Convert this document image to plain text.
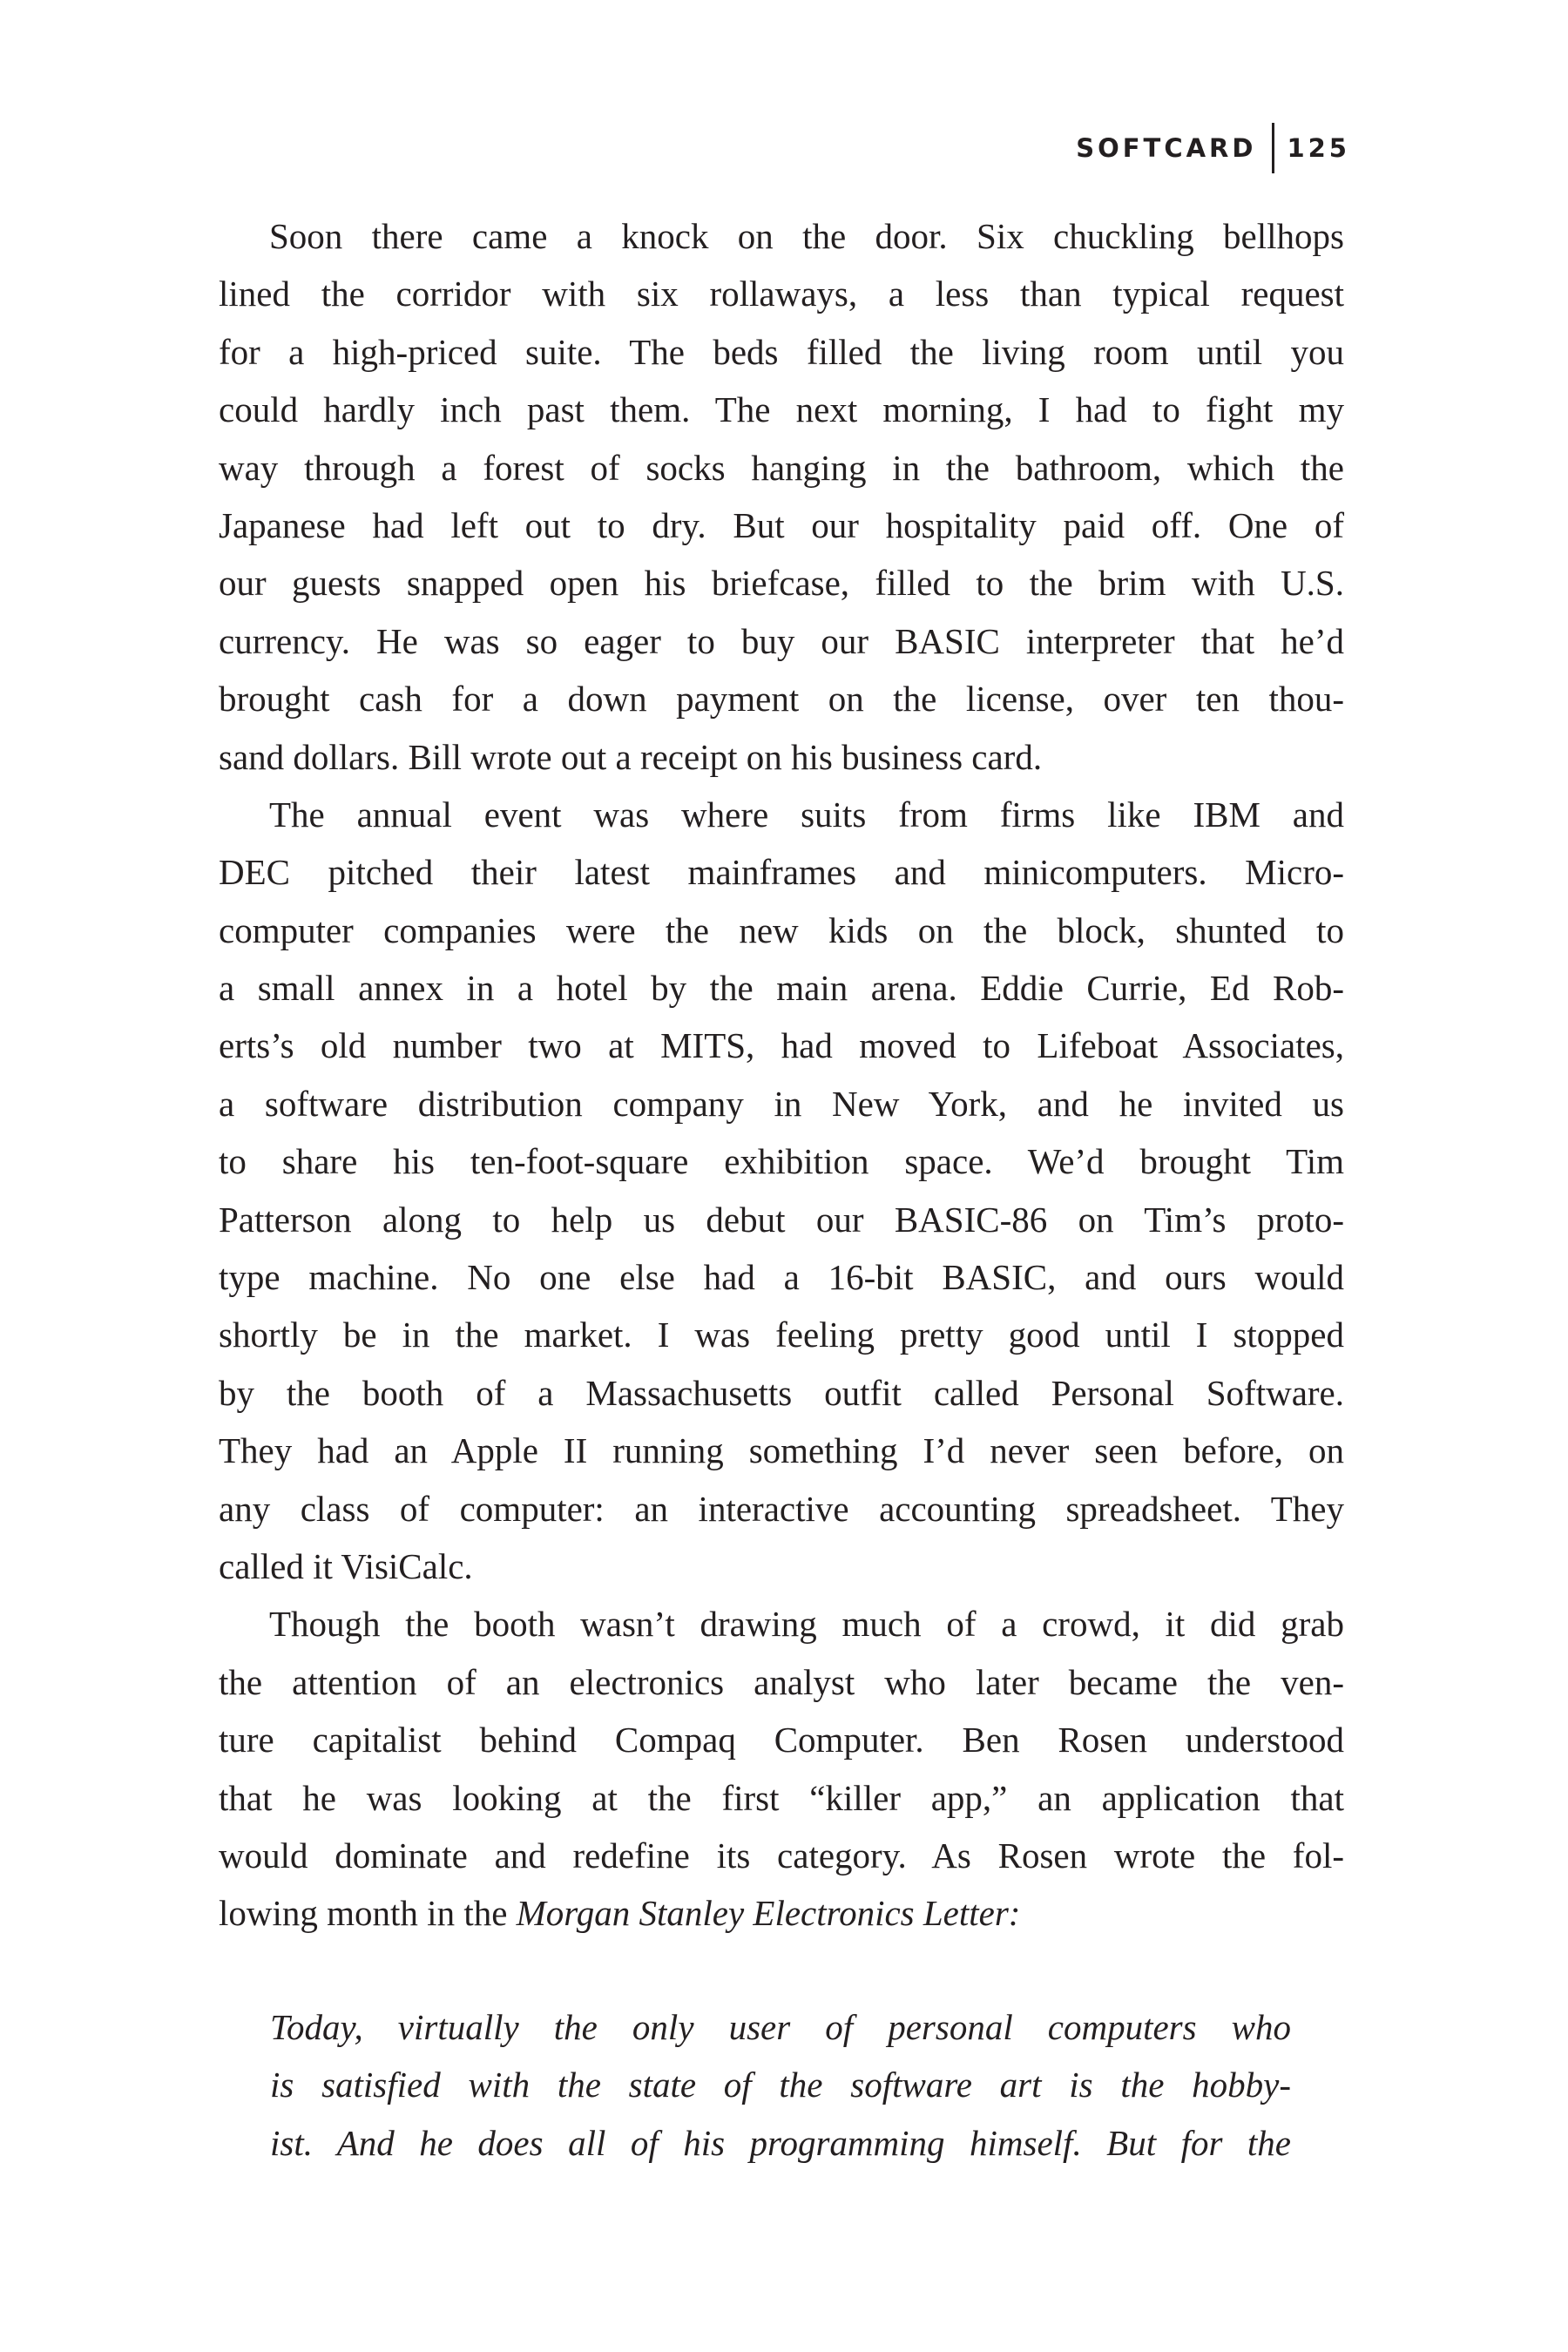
SOFTCARD	125
Soon there came a knock on the door. Six chuckling bellhops
lined the corridor with six rollaways, a less than typical request
for a high-priced suite. The beds filled the living room until you
could hardly inch past them. The next morning, I had to fight my
way through a forest of socks hanging in the bathroom, which the
Japanese had left out to dry. But our hospitality paid off. One of
our guests snapped open his briefcase, filled to the brim with U.S.
currency. He was so eager to buy our BASIC interpreter that he’d
brought cash for a down payment on the license, over ten thou-
sand dollars. Bill wrote out a receipt on his business card.
The annual event was where suits from firms like IBM and
DEC pitched their latest mainframes and minicomputers. Micro-
computer companies were the new kids on the block, shunted to
a small annex in a hotel by the main arena. Eddie Currie, Ed Rob-
erts’s old number two at MITS, had moved to Lifeboat Associates,
a software distribution company in New York, and he invited us
to share his ten-foot-square exhibition space. We’d brought Tim
Patterson along to help us debut our BASIC-86 on Tim’s proto-
type machine. No one else had a 16-bit BASIC, and ours would
shortly be in the market. I was feeling pretty good until I stopped
by the booth of a Massachusetts outfit called Personal Software.
They had an Apple II running something I’d never seen before, on
any class of computer: an interactive accounting spreadsheet. They
called it VisiCalc.
Though the booth wasn’t drawing much of a crowd, it did grab
the attention of an electronics analyst who later became the ven-
ture capitalist behind Compaq Computer. Ben Rosen understood
that he was looking at the first “killer app,” an application that
would dominate and redefine its category. As Rosen wrote the fol-
lowing month in the Morgan Stanley Electronics Letter:
Today, virtually the only user of personal computers who
is satisfied with the state of the software art is the hobby-
ist. And he does all of his programming himself. But for the
